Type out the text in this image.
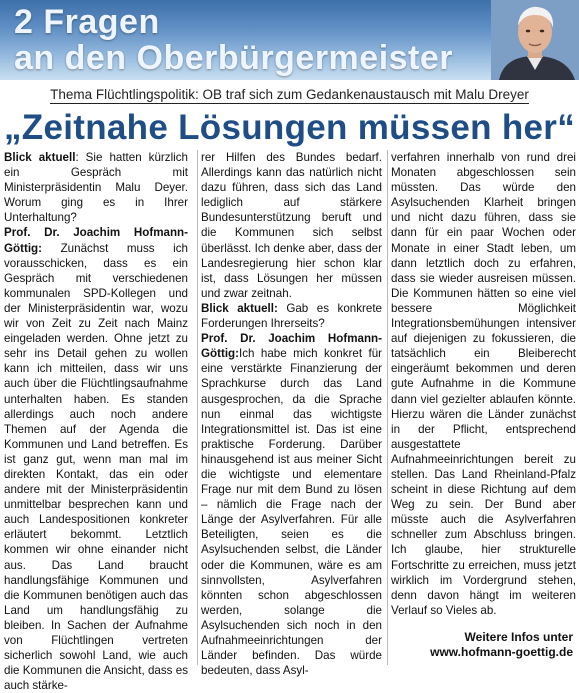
2 Fragen
an den Oberbürgermeister
Thema Flüchtlingspolitik: OB traf sich zum Gedankenaustausch mit Malu Dreyer
„Zeitnahe Lösungen müssen her“

Blick aktuell: Sie hatten kürzlich ein Gespräch mit Ministerpräsidentin Malu Deyer. Worum ging es in Ihrer Unterhaltung?

Prof. Dr. Joachim Hofmann-Göttig: Zunächst muss ich vorausschicken, dass es ein Gespräch mit verschiedenen kommunalen SPD-Kollegen und der Ministerpräsidentin war, wozu wir von Zeit zu Zeit nach Mainz eingeladen werden. Ohne jetzt zu sehr ins Detail gehen zu wollen kann ich mitteilen, dass wir uns auch über die Flüchtlingsaufnahme unterhalten haben. Es standen allerdings auch noch andere Themen auf der Agenda die Kommunen und Land betreffen. Es ist ganz gut, wenn man mal im direkten Kontakt, das ein oder andere mit der Ministerpräsidentin unmittelbar besprechen kann und auch Landespositionen konkreter erläutert bekommt. Letztlich kommen wir ohne einander nicht aus. Das Land braucht handlungsfähige Kommunen und die Kommunen benötigen auch das Land um handlungsfähig zu bleiben. In Sachen der Aufnahme von Flüchtlingen vertreten sicherlich sowohl Land, wie auch die Kommunen die Ansicht, dass es auch stärke-

rer Hilfen des Bundes bedarf. Allerdings kann das natürlich nicht dazu führen, dass sich das Land lediglich auf stärkere Bundesunterstützung beruft und die Kommunen sich selbst überlässt. Ich denke aber, dass der Landesregierung hier schon klar ist, dass Lösungen her müssen und zwar zeitnah.

Blick aktuell: Gab es konkrete Forderungen Ihrerseits?

Prof. Dr. Joachim Hofmann-Göttig:Ich habe mich konkret für eine verstärkte Finanzierung der Sprachkurse durch das Land ausgesprochen, da die Sprache nun einmal das wichtigste Integrationsmittel ist. Das ist eine praktische Forderung. Darüber hinausgehend ist aus meiner Sicht die wichtigste und elementare Frage nur mit dem Bund zu lösen – nämlich die Frage nach der Länge der Asylverfahren. Für alle Beteiligten, seien es die Asylsuchenden selbst, die Länder oder die Kommunen, wäre es am sinnvollsten, Asylverfahren könnten schon abgeschlossen werden, solange die Asylsuchenden sich noch in den Aufnahmeeinrichtungen der Länder befinden. Das würde bedeuten, dass Asyl-

verfahren innerhalb von rund drei Monaten abgeschlossen sein müssten. Das würde den Asylsuchenden Klarheit bringen und nicht dazu führen, dass sie dann für ein paar Wochen oder Monate in einer Stadt leben, um dann letztlich doch zu erfahren, dass sie wieder ausreisen müssen. Die Kommunen hätten so eine viel bessere Möglichkeit Integrationsbemühungen intensiver auf diejenigen zu fokussieren, die tatsächlich ein Bleiberecht eingeräumt bekommen und deren gute Aufnahme in die Kommune dann viel gezielter ablaufen könnte. Hierzu wären die Länder zunächst in der Pflicht, entsprechend ausgestattete Aufnahmeeinrichtungen bereit zu stellen. Das Land Rheinland-Pfalz scheint in diese Richtung auf dem Weg zu sein. Der Bund aber müsste auch die Asylverfahren schneller zum Abschluss bringen. Ich glaube, hier strukturelle Fortschritte zu erreichen, muss jetzt wirklich im Vordergrund stehen, denn davon hängt im weiteren Verlauf so Vieles ab.

Weitere Infos unter
www.hofmann-goettig.de
